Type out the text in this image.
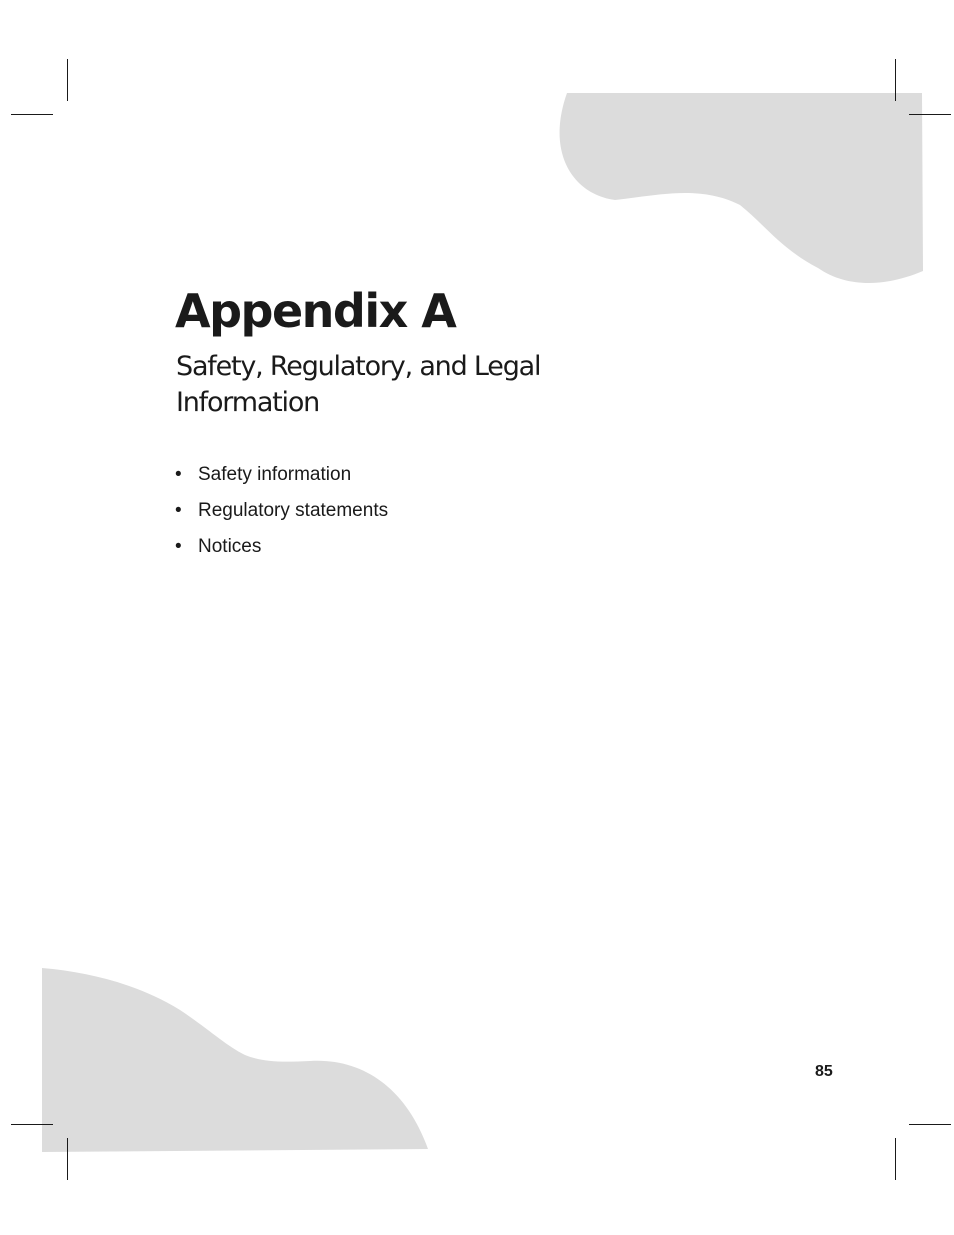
Appendix A
Safety, Regulatory, and Legal Information
• Safety information
• Regulatory statements
• Notices
85
